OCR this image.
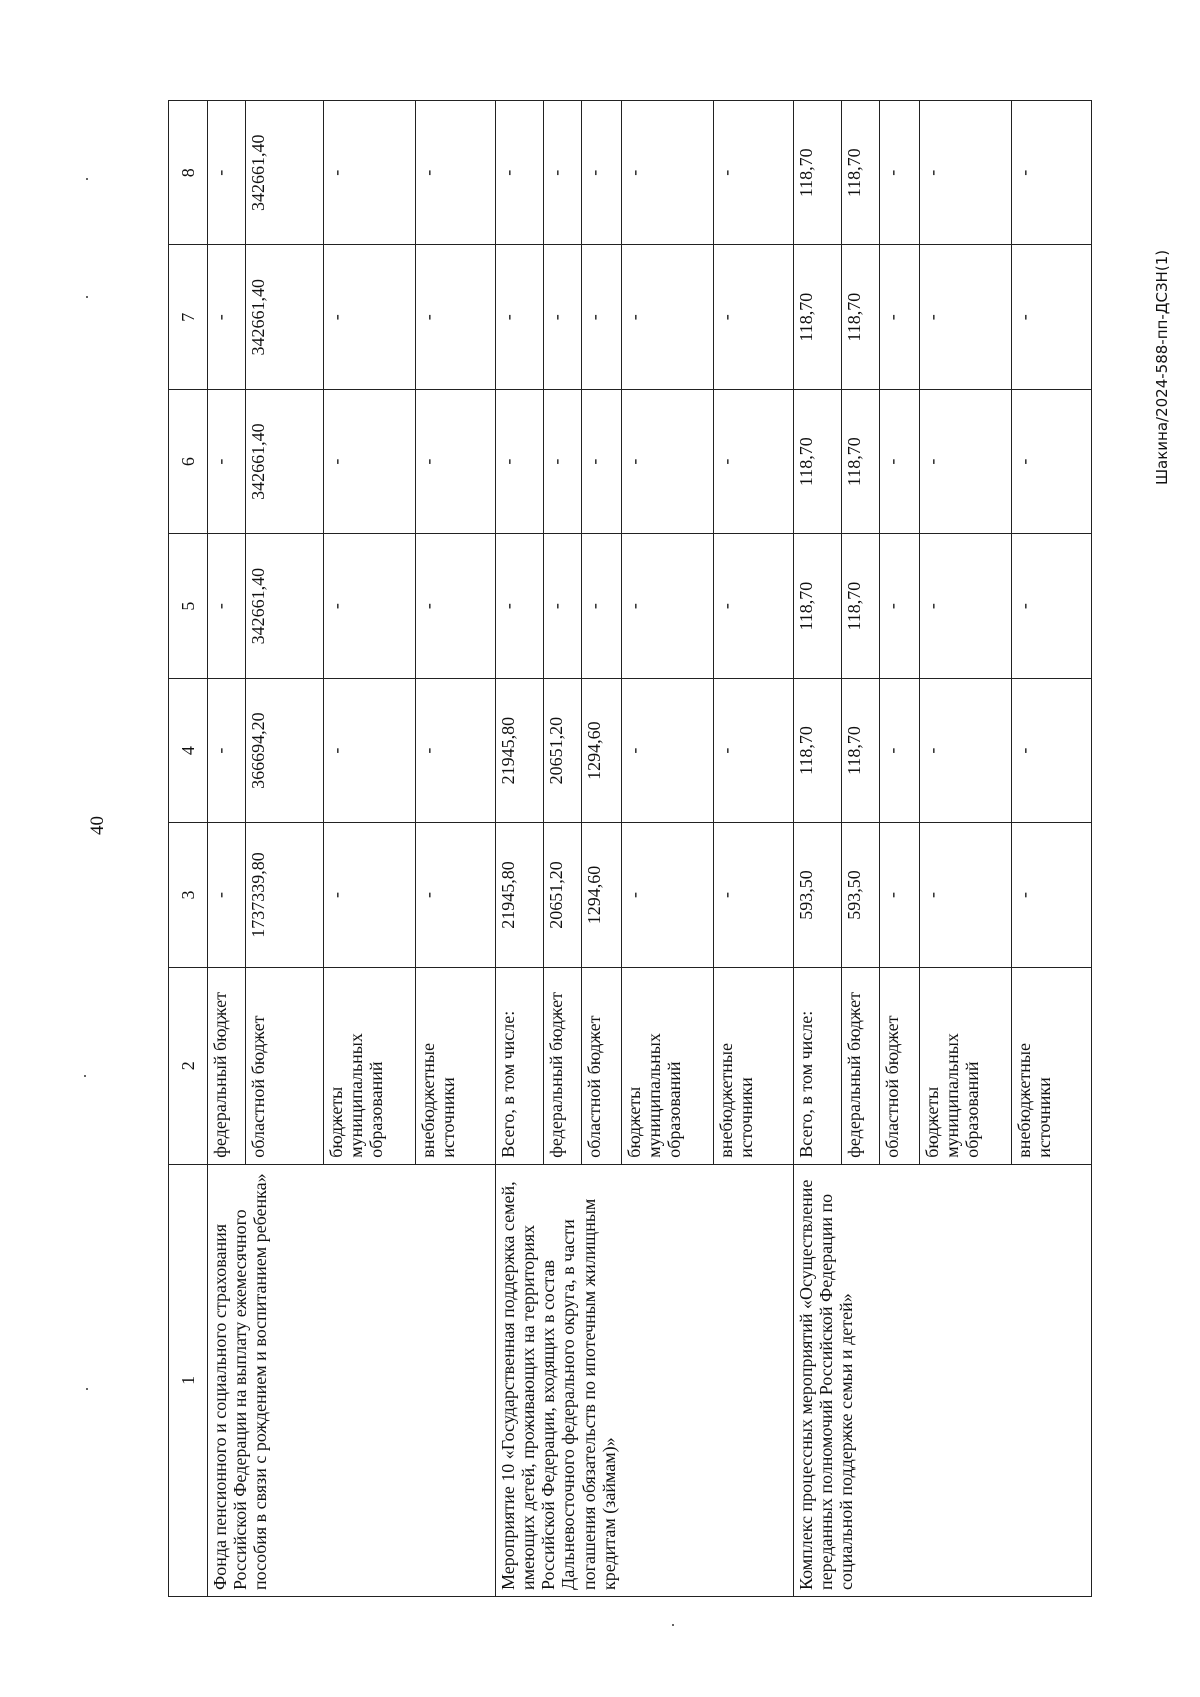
40
1	2	3	4	5	6	7	8
Фонда пенсионного и социального страхования Российской Федерации на выплату ежемесячного пособия в связи с рождением и воспитанием ребенка»	федеральный бюджет	-	-	-	-	-	-
	областной бюджет	1737339,80	366694,20	342661,40	342661,40	342661,40	342661,40
	бюджеты муниципальных образований	-	-	-	-	-	-
	внебюджетные источники	-	-	-	-	-	-
Мероприятие 10 «Государственная поддержка семей, имеющих детей, проживающих на территориях Российской Федерации, входящих в состав Дальневосточного федерального округа, в части погашения обязательств по ипотечным жилищным кредитам (займам)»	Всего, в том числе:	21945,80	21945,80	-	-	-	-
	федеральный бюджет	20651,20	20651,20	-	-	-	-
	областной бюджет	1294,60	1294,60	-	-	-	-
	бюджеты муниципальных образований	-	-	-	-	-	-
	внебюджетные источники	-	-	-	-	-	-
Комплекс процессных мероприятий «Осуществление переданных полномочий Российской Федерации по социальной поддержке семьи и детей»	Всего, в том числе:	593,50	118,70	118,70	118,70	118,70	118,70
	федеральный бюджет	593,50	118,70	118,70	118,70	118,70	118,70
	областной бюджет	-	-	-	-	-	-
	бюджеты муниципальных образований	-	-	-	-	-	-
	внебюджетные источники	-	-	-	-	-	-
Шакина/2024-588-пп-ДСЗН(1)
